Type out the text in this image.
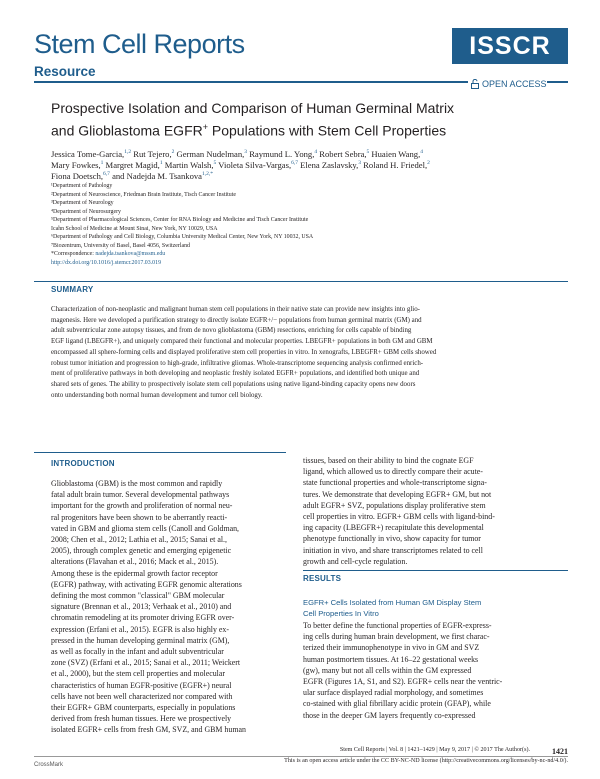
Stem Cell Reports
Resource
ISSCR
OPEN ACCESS
Prospective Isolation and Comparison of Human Germinal Matrix
and Glioblastoma EGFR+ Populations with Stem Cell Properties
Jessica Tome-Garcia,$^{1,2}$ Rut Tejero,$^2$ German Nudelman,$^3$ Raymund L. Yong,$^4$ Robert Sebra,$^5$ Huaien Wang,$^4$
Mary Fowkes,$^1$ Margret Magid,$^1$ Martin Walsh,$^5$ Violeta Silva-Vargas,$^{6,7}$ Elena Zaslavsky,$^3$ Roland H. Friedel,$^2$
Fiona Doetsch,$^{6,7}$ and Nadejda M. Tsankova$^{1,2,*}$
¹Department of Pathology
²Department of Neuroscience, Friedman Brain Institute, Tisch Cancer Institute
³Department of Neurology
⁴Department of Neurosurgery
⁵Department of Pharmacological Sciences, Center for RNA Biology and Medicine and Tisch Cancer Institute
Icahn School of Medicine at Mount Sinai, New York, NY 10029, USA
⁶Department of Pathology and Cell Biology, Columbia University Medical Center, New York, NY 10032, USA
⁷Biozentrum, University of Basel, Basel 4056, Switzerland
*Correspondence: nadejda.tsankova@mssm.edu
http://dx.doi.org/10.1016/j.stemcr.2017.03.019
SUMMARY
Characterization of non-neoplastic and malignant human stem cell populations in their native state can provide new insights into glio-
magenesis. Here we developed a purification strategy to directly isolate EGFR+/− populations from human germinal matrix (GM) and
adult subventricular zone autopsy tissues, and from de novo glioblastoma (GBM) resections, enriching for cells capable of binding
EGF ligand (LBEGFR+), and uniquely compared their functional and molecular properties. LBEGFR+ populations in both GM and GBM
encompassed all sphere-forming cells and displayed proliferative stem cell properties in vitro. In xenografts, LBEGFR+ GBM cells showed
robust tumor initiation and progression to high-grade, infiltrative gliomas. Whole-transcriptome sequencing analysis confirmed enrich-
ment of proliferative pathways in both developing and neoplastic freshly isolated EGFR+ populations, and identified both unique and
shared sets of genes. The ability to prospectively isolate stem cell populations using native ligand-binding capacity opens new doors
onto understanding both normal human development and tumor cell biology.
INTRODUCTION
Glioblastoma (GBM) is the most common and rapidly
fatal adult brain tumor. Several developmental pathways
important for the growth and proliferation of normal neu-
ral progenitors have been shown to be aberrantly reacti-
vated in GBM and glioma stem cells (Canoll and Goldman,
2008; Chen et al., 2012; Lathia et al., 2015; Sanai et al.,
2005), through complex genetic and emerging epigenetic
alterations (Flavahan et al., 2016; Mack et al., 2015).
Among these is the epidermal growth factor receptor
(EGFR) pathway, with activating EGFR genomic alterations
defining the most common "classical" GBM molecular
signature (Brennan et al., 2013; Verhaak et al., 2010) and
chromatin remodeling at its promoter driving EGFR over-
expression (Erfani et al., 2015). EGFR is also highly ex-
pressed in the human developing germinal matrix (GM),
as well as focally in the infant and adult subventricular
zone (SVZ) (Erfani et al., 2015; Sanai et al., 2011; Weickert
et al., 2000), but the stem cell properties and molecular
characteristics of human EGFR-positive (EGFR+) neural
cells have not been well characterized nor compared with
their EGFR+ GBM counterparts, especially in populations
derived from fresh human tissues. Here we prospectively
isolated EGFR+ cells from fresh GM, SVZ, and GBM human
tissues, based on their ability to bind the cognate EGF
ligand, which allowed us to directly compare their acute-
state functional properties and whole-transcriptome signa-
tures. We demonstrate that developing EGFR+ GM, but not
adult EGFR+ SVZ, populations display proliferative stem
cell properties in vitro. EGFR+ GBM cells with ligand-bind-
ing capacity (LBEGFR+) recapitulate this developmental
phenotype functionally in vivo, show capacity for tumor
initiation in vivo, and share transcriptomes related to cell
growth and cell-cycle regulation.
RESULTS
EGFR+ Cells Isolated from Human GM Display Stem
Cell Properties In Vitro
To better define the functional properties of EGFR-express-
ing cells during human brain development, we first charac-
terized their immunophenotype in vivo in GM and SVZ
human postmortem tissues. At 16–22 gestational weeks
(gw), many but not all cells within the GM expressed
EGFR (Figures 1A, S1, and S2). EGFR+ cells near the ventric-
ular surface displayed radial morphology, and sometimes
co-stained with glial fibrillary acidic protein (GFAP), while
those in the deeper GM layers frequently co-expressed
CrossMark
Stem Cell Reports | Vol. 8 | 1421–1429 | May 9, 2017 | © 2017 The Author(s).	1421
This is an open access article under the CC BY-NC-ND license (http://creativecommons.org/licenses/by-nc-nd/4.0/).
